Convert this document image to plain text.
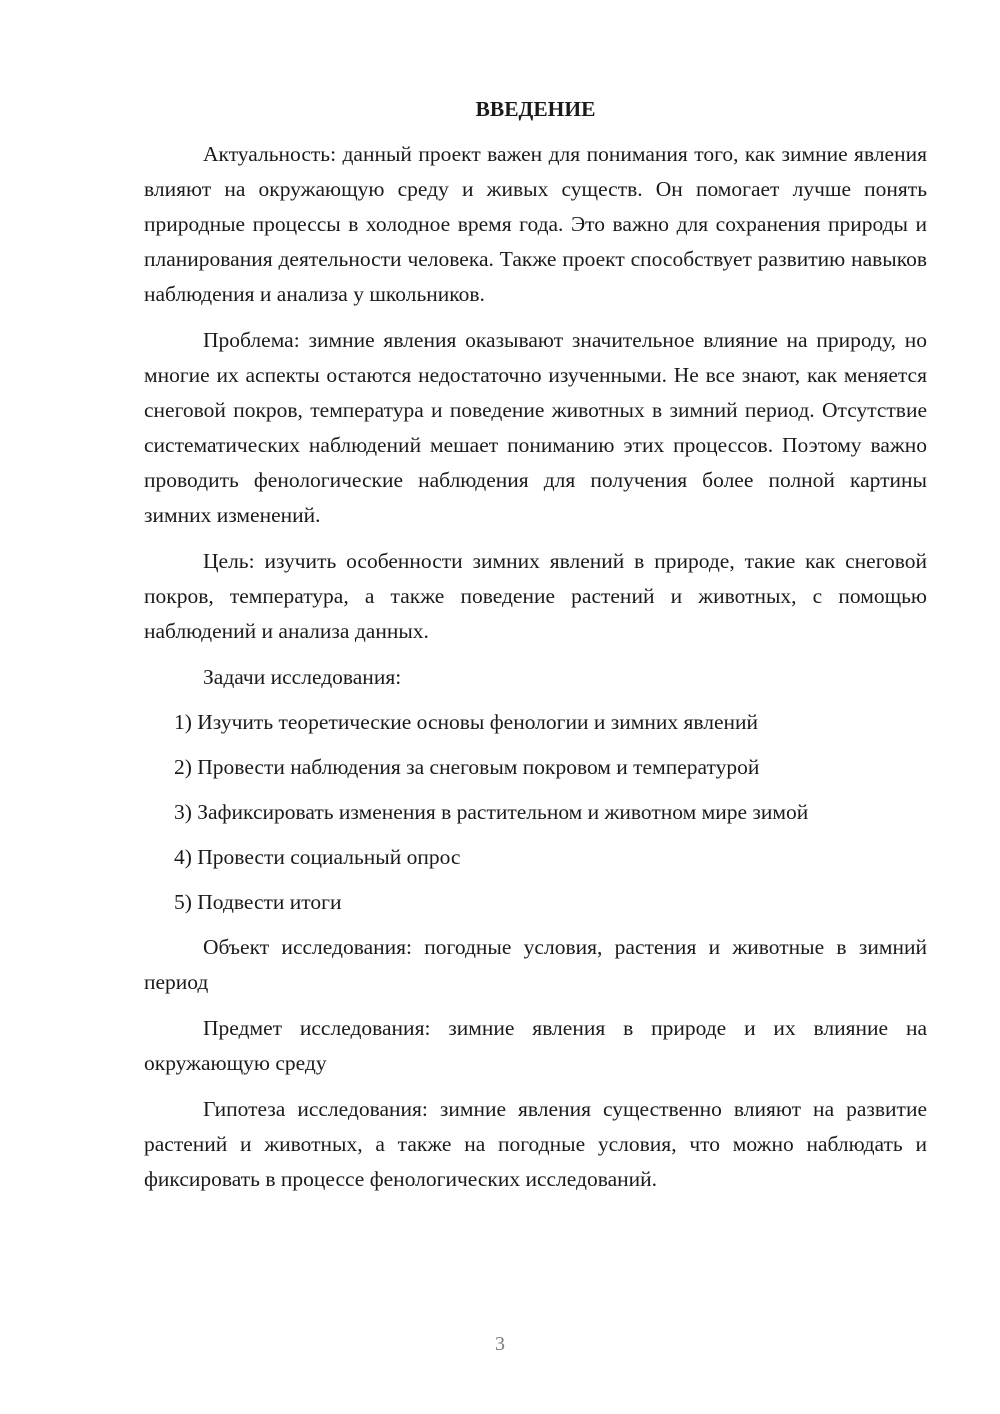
ВВЕДЕНИЕ

Актуальность: данный проект важен для понимания того, как зимние явления влияют на окружающую среду и живых существ. Он помогает лучше понять природные процессы в холодное время года. Это важно для сохранения природы и планирования деятельности человека. Также проект способствует развитию навыков наблюдения и анализа у школьников.

Проблема: зимние явления оказывают значительное влияние на природу, но многие их аспекты остаются недостаточно изученными. Не все знают, как меняется снеговой покров, температура и поведение животных в зимний период. Отсутствие систематических наблюдений мешает пониманию этих процессов. Поэтому важно проводить фенологические наблюдения для получения более полной картины зимних изменений.

Цель: изучить особенности зимних явлений в природе, такие как снеговой покров, температура, а также поведение растений и животных, с помощью наблюдений и анализа данных.

Задачи исследования:

1) Изучить теоретические основы фенологии и зимних явлений
2) Провести наблюдения за снеговым покровом и температурой
3) Зафиксировать изменения в растительном и животном мире зимой
4) Провести социальный опрос
5) Подвести итоги

Объект исследования: погодные условия, растения и животные в зимний период

Предмет исследования: зимние явления в природе и их влияние на окружающую среду

Гипотеза исследования: зимние явления существенно влияют на развитие растений и животных, а также на погодные условия, что можно наблюдать и фиксировать в процессе фенологических исследований.

3
